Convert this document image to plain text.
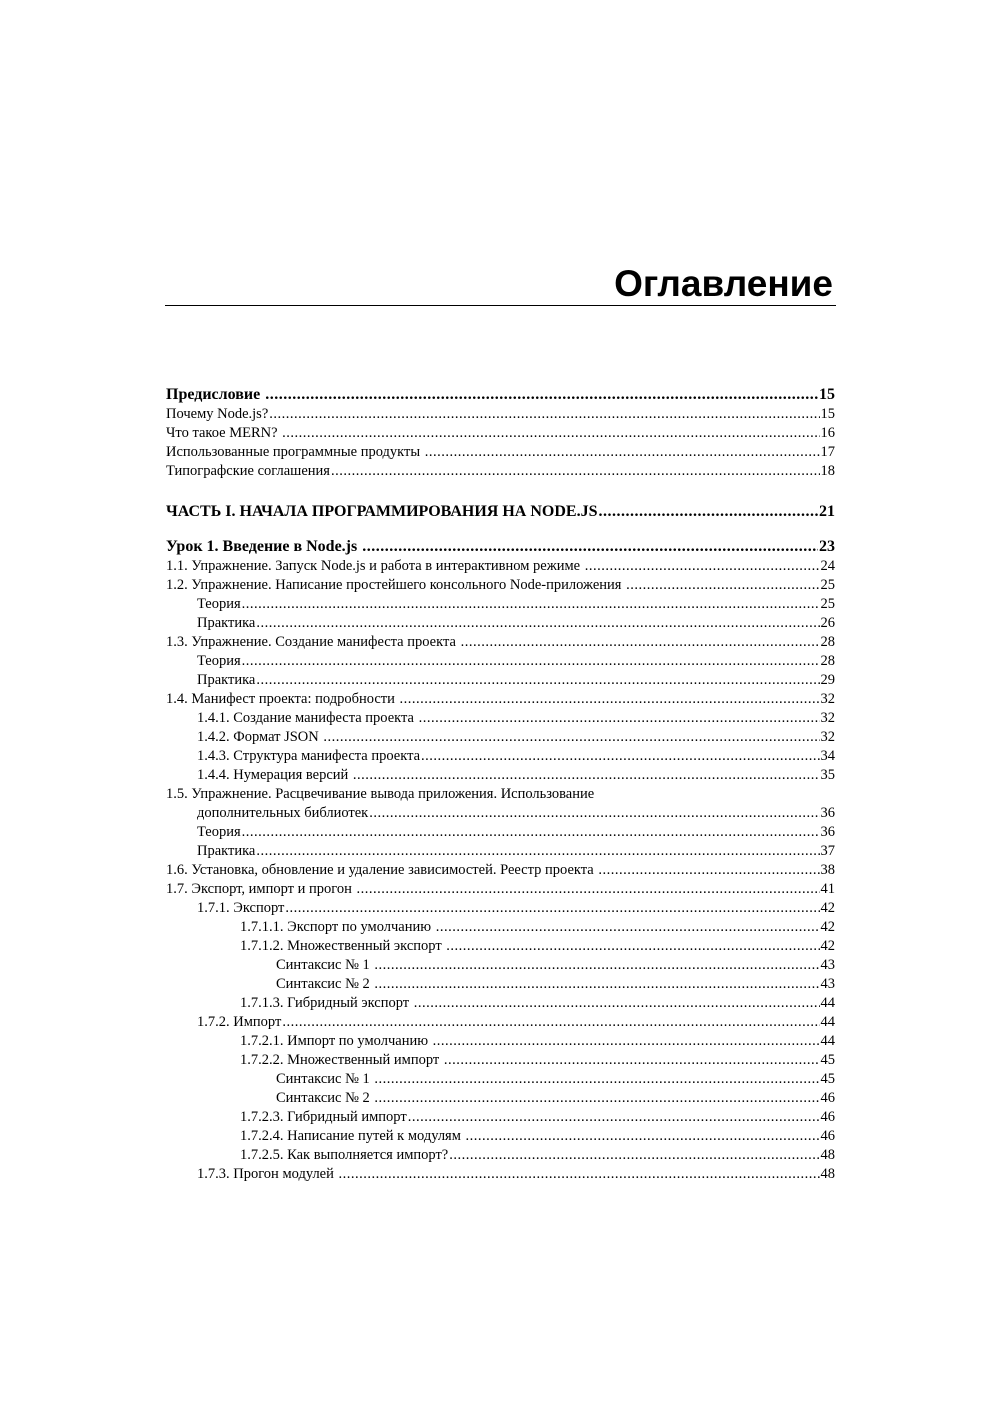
Оглавление
Предисловие .....	15
Почему Node.js? .....	15
Что такое MERN? .....	16
Использованные программные продукты .....	17
Типографские соглашения .....	18
ЧАСТЬ I. НАЧАЛА ПРОГРАММИРОВАНИЯ НА NODE.JS .....	21
Урок 1. Введение в Node.js .....	23
1.1. Упражнение. Запуск Node.js и работа в интерактивном режиме .....	24
1.2. Упражнение. Написание простейшего консольного Node-приложения .....	25
Теория .....	25
Практика .....	26
1.3. Упражнение. Создание манифеста проекта .....	28
Теория .....	28
Практика .....	29
1.4. Манифест проекта: подробности .....	32
1.4.1. Создание манифеста проекта .....	32
1.4.2. Формат JSON .....	32
1.4.3. Структура манифеста проекта .....	34
1.4.4. Нумерация версий .....	35
1.5. Упражнение. Расцвечивание вывода приложения. Использование
дополнительных библиотек .....	36
Теория .....	36
Практика .....	37
1.6. Установка, обновление и удаление зависимостей. Реестр проекта .....	38
1.7. Экспорт, импорт и прогон .....	41
1.7.1. Экспорт .....	42
1.7.1.1. Экспорт по умолчанию .....	42
1.7.1.2. Множественный экспорт .....	42
Синтаксис № 1 .....	43
Синтаксис № 2 .....	43
1.7.1.3. Гибридный экспорт .....	44
1.7.2. Импорт .....	44
1.7.2.1. Импорт по умолчанию .....	44
1.7.2.2. Множественный импорт .....	45
Синтаксис № 1 .....	45
Синтаксис № 2 .....	46
1.7.2.3. Гибридный импорт .....	46
1.7.2.4. Написание путей к модулям .....	46
1.7.2.5. Как выполняется импорт? .....	48
1.7.3. Прогон модулей .....	48
